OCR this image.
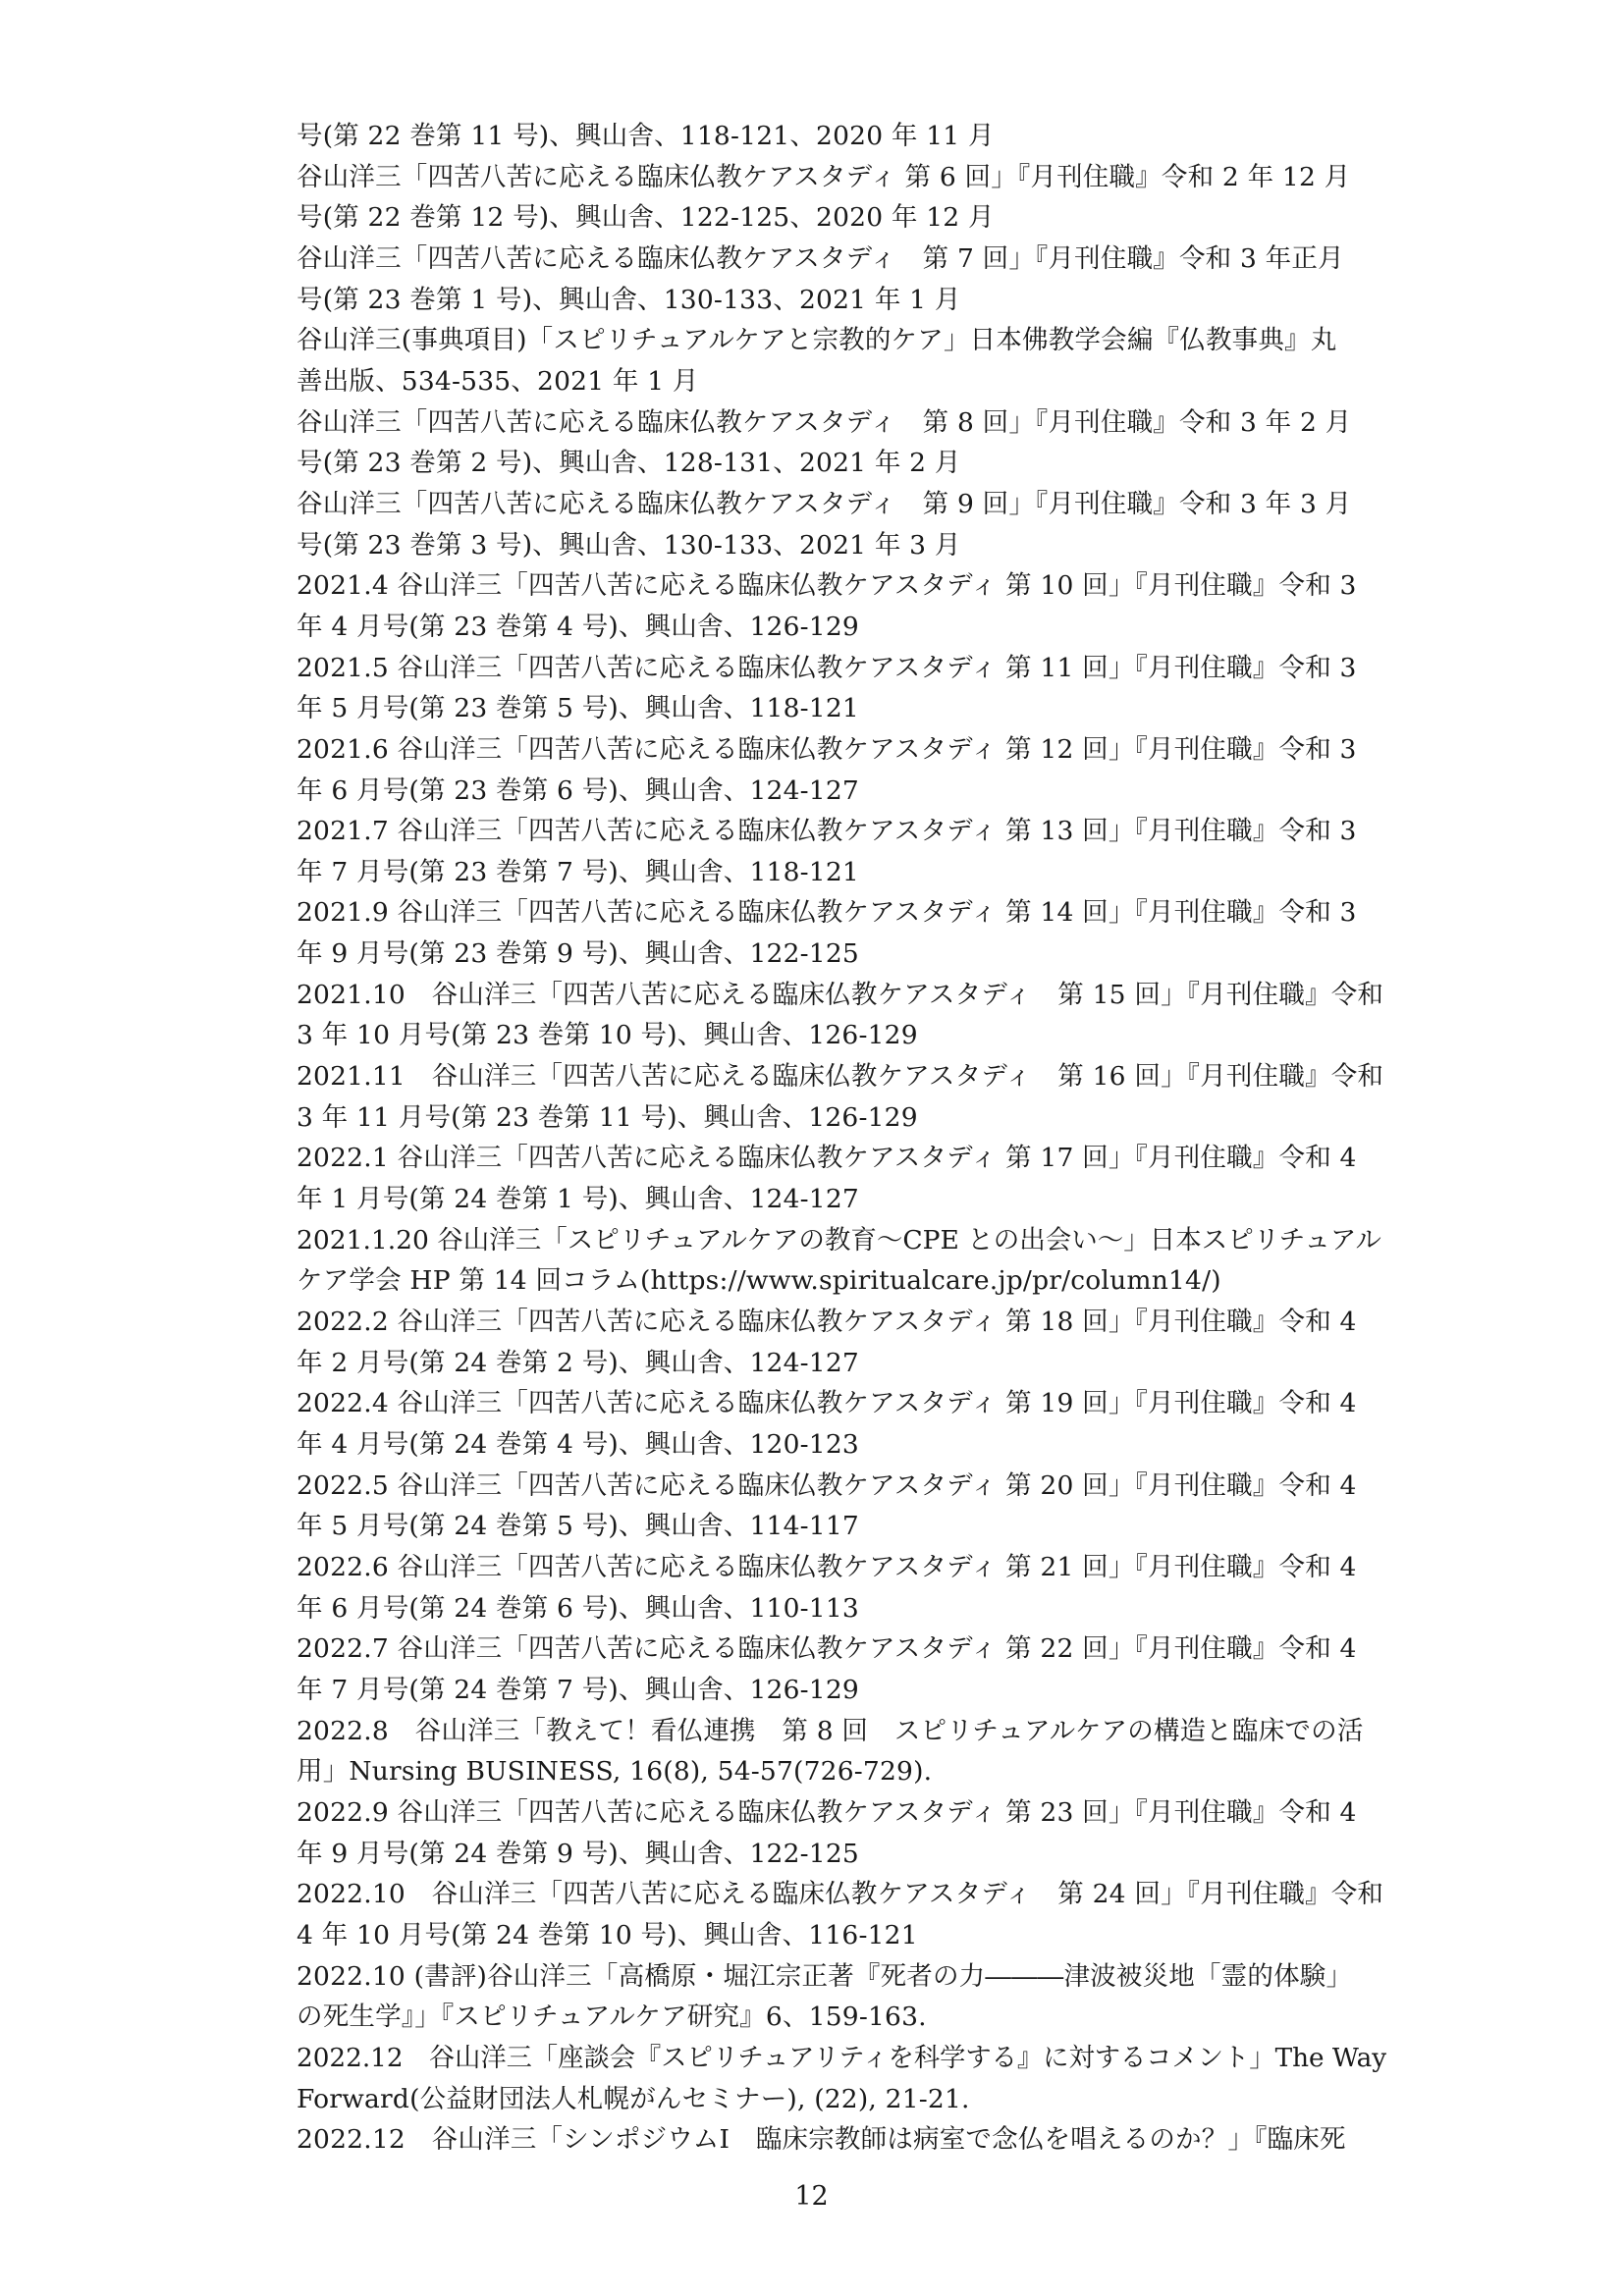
号(第 22 巻第 11 号)、興山舎、118-121、2020 年 11 月
谷山洋三「四苦八苦に応える臨床仏教ケアスタディ 第 6 回」『月刊住職』令和 2 年 12 月
号(第 22 巻第 12 号)、興山舎、122-125、2020 年 12 月
谷山洋三「四苦八苦に応える臨床仏教ケアスタディ　第 7 回」『月刊住職』令和 3 年正月
号(第 23 巻第 1 号)、興山舎、130-133、2021 年 1 月
谷山洋三(事典項目)「スピリチュアルケアと宗教的ケア」日本佛教学会編『仏教事典』丸
善出版、534-535、2021 年 1 月
谷山洋三「四苦八苦に応える臨床仏教ケアスタディ　第 8 回」『月刊住職』令和 3 年 2 月
号(第 23 巻第 2 号)、興山舎、128-131、2021 年 2 月
谷山洋三「四苦八苦に応える臨床仏教ケアスタディ　第 9 回」『月刊住職』令和 3 年 3 月
号(第 23 巻第 3 号)、興山舎、130-133、2021 年 3 月
2021.4 谷山洋三「四苦八苦に応える臨床仏教ケアスタディ 第 10 回」『月刊住職』令和 3
年 4 月号(第 23 巻第 4 号)、興山舎、126-129
2021.5 谷山洋三「四苦八苦に応える臨床仏教ケアスタディ 第 11 回」『月刊住職』令和 3
年 5 月号(第 23 巻第 5 号)、興山舎、118-121
2021.6 谷山洋三「四苦八苦に応える臨床仏教ケアスタディ 第 12 回」『月刊住職』令和 3
年 6 月号(第 23 巻第 6 号)、興山舎、124-127
2021.7 谷山洋三「四苦八苦に応える臨床仏教ケアスタディ 第 13 回」『月刊住職』令和 3
年 7 月号(第 23 巻第 7 号)、興山舎、118-121
2021.9 谷山洋三「四苦八苦に応える臨床仏教ケアスタディ 第 14 回」『月刊住職』令和 3
年 9 月号(第 23 巻第 9 号)、興山舎、122-125
2021.10　谷山洋三「四苦八苦に応える臨床仏教ケアスタディ　第 15 回」『月刊住職』令和
3 年 10 月号(第 23 巻第 10 号)、興山舎、126-129
2021.11　谷山洋三「四苦八苦に応える臨床仏教ケアスタディ　第 16 回」『月刊住職』令和
3 年 11 月号(第 23 巻第 11 号)、興山舎、126-129
2022.1 谷山洋三「四苦八苦に応える臨床仏教ケアスタディ 第 17 回」『月刊住職』令和 4
年 1 月号(第 24 巻第 1 号)、興山舎、124-127
2021.1.20 谷山洋三「スピリチュアルケアの教育〜CPE との出会い〜」日本スピリチュアル
ケア学会 HP 第 14 回コラム(https://www.spiritualcare.jp/pr/column14/)
2022.2 谷山洋三「四苦八苦に応える臨床仏教ケアスタディ 第 18 回」『月刊住職』令和 4
年 2 月号(第 24 巻第 2 号)、興山舎、124-127
2022.4 谷山洋三「四苦八苦に応える臨床仏教ケアスタディ 第 19 回」『月刊住職』令和 4
年 4 月号(第 24 巻第 4 号)、興山舎、120-123
2022.5 谷山洋三「四苦八苦に応える臨床仏教ケアスタディ 第 20 回」『月刊住職』令和 4
年 5 月号(第 24 巻第 5 号)、興山舎、114-117
2022.6 谷山洋三「四苦八苦に応える臨床仏教ケアスタディ 第 21 回」『月刊住職』令和 4
年 6 月号(第 24 巻第 6 号)、興山舎、110-113
2022.7 谷山洋三「四苦八苦に応える臨床仏教ケアスタディ 第 22 回」『月刊住職』令和 4
年 7 月号(第 24 巻第 7 号)、興山舎、126-129
2022.8　谷山洋三「教えて！看仏連携　第 8 回　スピリチュアルケアの構造と臨床での活
用」Nursing BUSINESS, 16(8), 54-57(726-729).
2022.9 谷山洋三「四苦八苦に応える臨床仏教ケアスタディ 第 23 回」『月刊住職』令和 4
年 9 月号(第 24 巻第 9 号)、興山舎、122-125
2022.10　谷山洋三「四苦八苦に応える臨床仏教ケアスタディ　第 24 回」『月刊住職』令和
4 年 10 月号(第 24 巻第 10 号)、興山舎、116-121
2022.10 (書評)谷山洋三「高橋原・堀江宗正著『死者の力―――津波被災地「霊的体験」
の死生学』」『スピリチュアルケア研究』6、159-163.
2022.12　谷山洋三「座談会『スピリチュアリティを科学する』に対するコメント」The Way
Forward(公益財団法人札幌がんセミナー), (22), 21-21.
2022.12　谷山洋三「シンポジウムⅠ　臨床宗教師は病室で念仏を唱えるのか？」『臨床死
12
